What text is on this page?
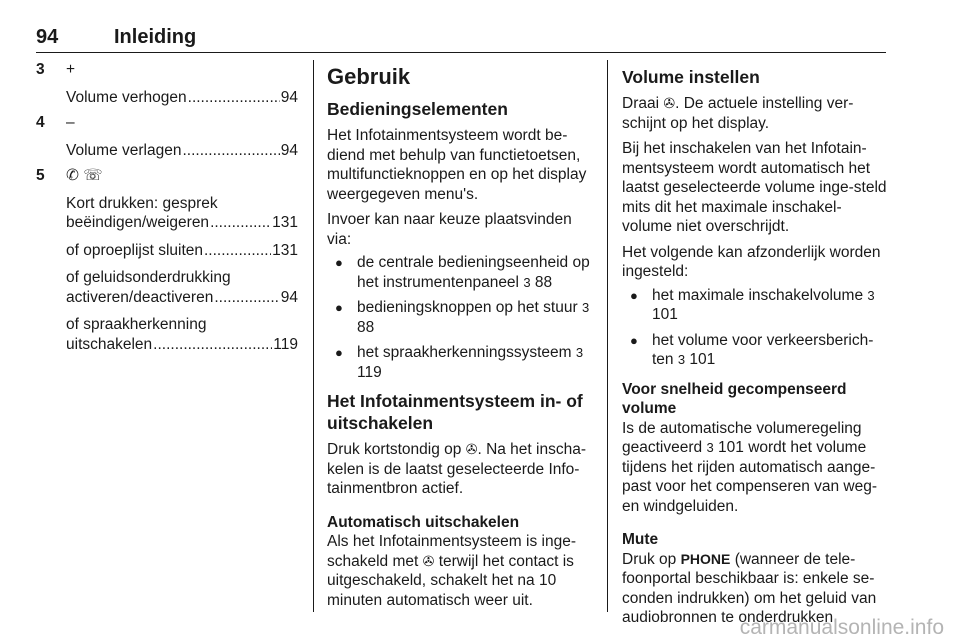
94	Inleiding
3 +
Volume verhogen .....	94
4 –
Volume verlagen .....	94
5 ✆ ☏
Kort drukken: gesprek
beëindigen/weigeren .....	131
of oproeplijst sluiten .....	131
of geluidsonderdrukking
activeren/deactiveren .....	94
of spraakherkenning
uitschakelen .....	119
Gebruik
Bedieningselementen

Het Infotainmentsysteem wordt be-diend met behulp van functietoetsen, multifunctieknoppen en op het display weergegeven menu's.

Invoer kan naar keuze plaatsvinden via:

● de centrale bedieningseenheid op het instrumentenpaneel 3 88
● bedieningsknoppen op het stuur 3 88
● het spraakherkenningssysteem 3 119
Het Infotainmentsysteem in- of uitschakelen

Druk kortstondig op ✇. Na het inscha-kelen is de laatst geselecteerde Info-tainmentbron actief.

Automatisch uitschakelen

Als het Infotainmentsysteem is inge-schakeld met ✇ terwijl het contact is uitgeschakeld, schakelt het na 10 minuten automatisch weer uit.

Volume instellen

Draai ✇. De actuele instelling ver-schijnt op het display.

Bij het inschakelen van het Infotain-mentsysteem wordt automatisch het laatst geselecteerde volume inge-steld mits dit het maximale inschakel-volume niet overschrijdt.

Het volgende kan afzonderlijk worden ingesteld:

● het maximale inschakelvolume 3 101
● het volume voor verkeersberich-ten 3 101
Voor snelheid gecompenseerd volume

Is de automatische volumeregeling geactiveerd 3 101 wordt het volume tijdens het rijden automatisch aange-past voor het compenseren van weg-en windgeluiden.

Mute

Druk op PHONE (wanneer de tele-foonportal beschikbaar is: enkele se-conden indrukken) om het geluid van audiobronnen te onderdrukken.

carmanualsonline.info
